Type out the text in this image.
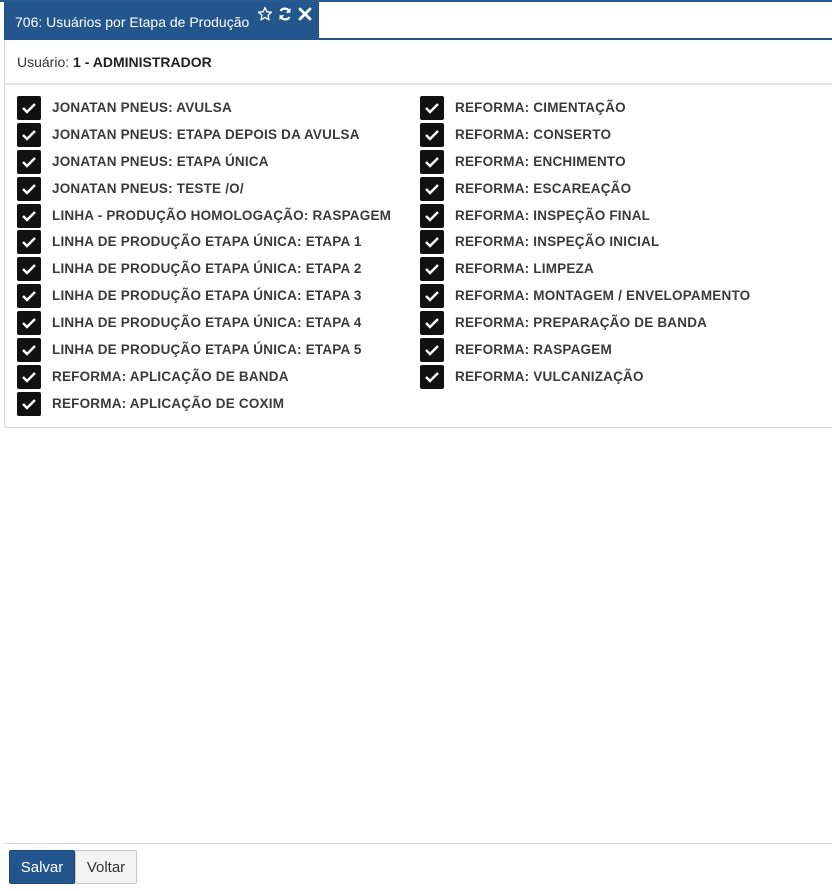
706: Usuários por Etapa de Produção
Usuário: 1 - ADMINISTRADOR
JONATAN PNEUS: AVULSA
JONATAN PNEUS: ETAPA DEPOIS DA AVULSA
JONATAN PNEUS: ETAPA ÚNICA
JONATAN PNEUS: TESTE /O/
LINHA - PRODUÇÃO HOMOLOGAÇÃO: RASPAGEM
LINHA DE PRODUÇÃO ETAPA ÚNICA: ETAPA 1
LINHA DE PRODUÇÃO ETAPA ÚNICA: ETAPA 2
LINHA DE PRODUÇÃO ETAPA ÚNICA: ETAPA 3
LINHA DE PRODUÇÃO ETAPA ÚNICA: ETAPA 4
LINHA DE PRODUÇÃO ETAPA ÚNICA: ETAPA 5
REFORMA: APLICAÇÃO DE BANDA
REFORMA: APLICAÇÃO DE COXIM
REFORMA: CIMENTAÇÃO
REFORMA: CONSERTO
REFORMA: ENCHIMENTO
REFORMA: ESCAREAÇÃO
REFORMA: INSPEÇÃO FINAL
REFORMA: INSPEÇÃO INICIAL
REFORMA: LIMPEZA
REFORMA: MONTAGEM / ENVELOPAMENTO
REFORMA: PREPARAÇÃO DE BANDA
REFORMA: RASPAGEM
REFORMA: VULCANIZAÇÃO
Salvar	Voltar
